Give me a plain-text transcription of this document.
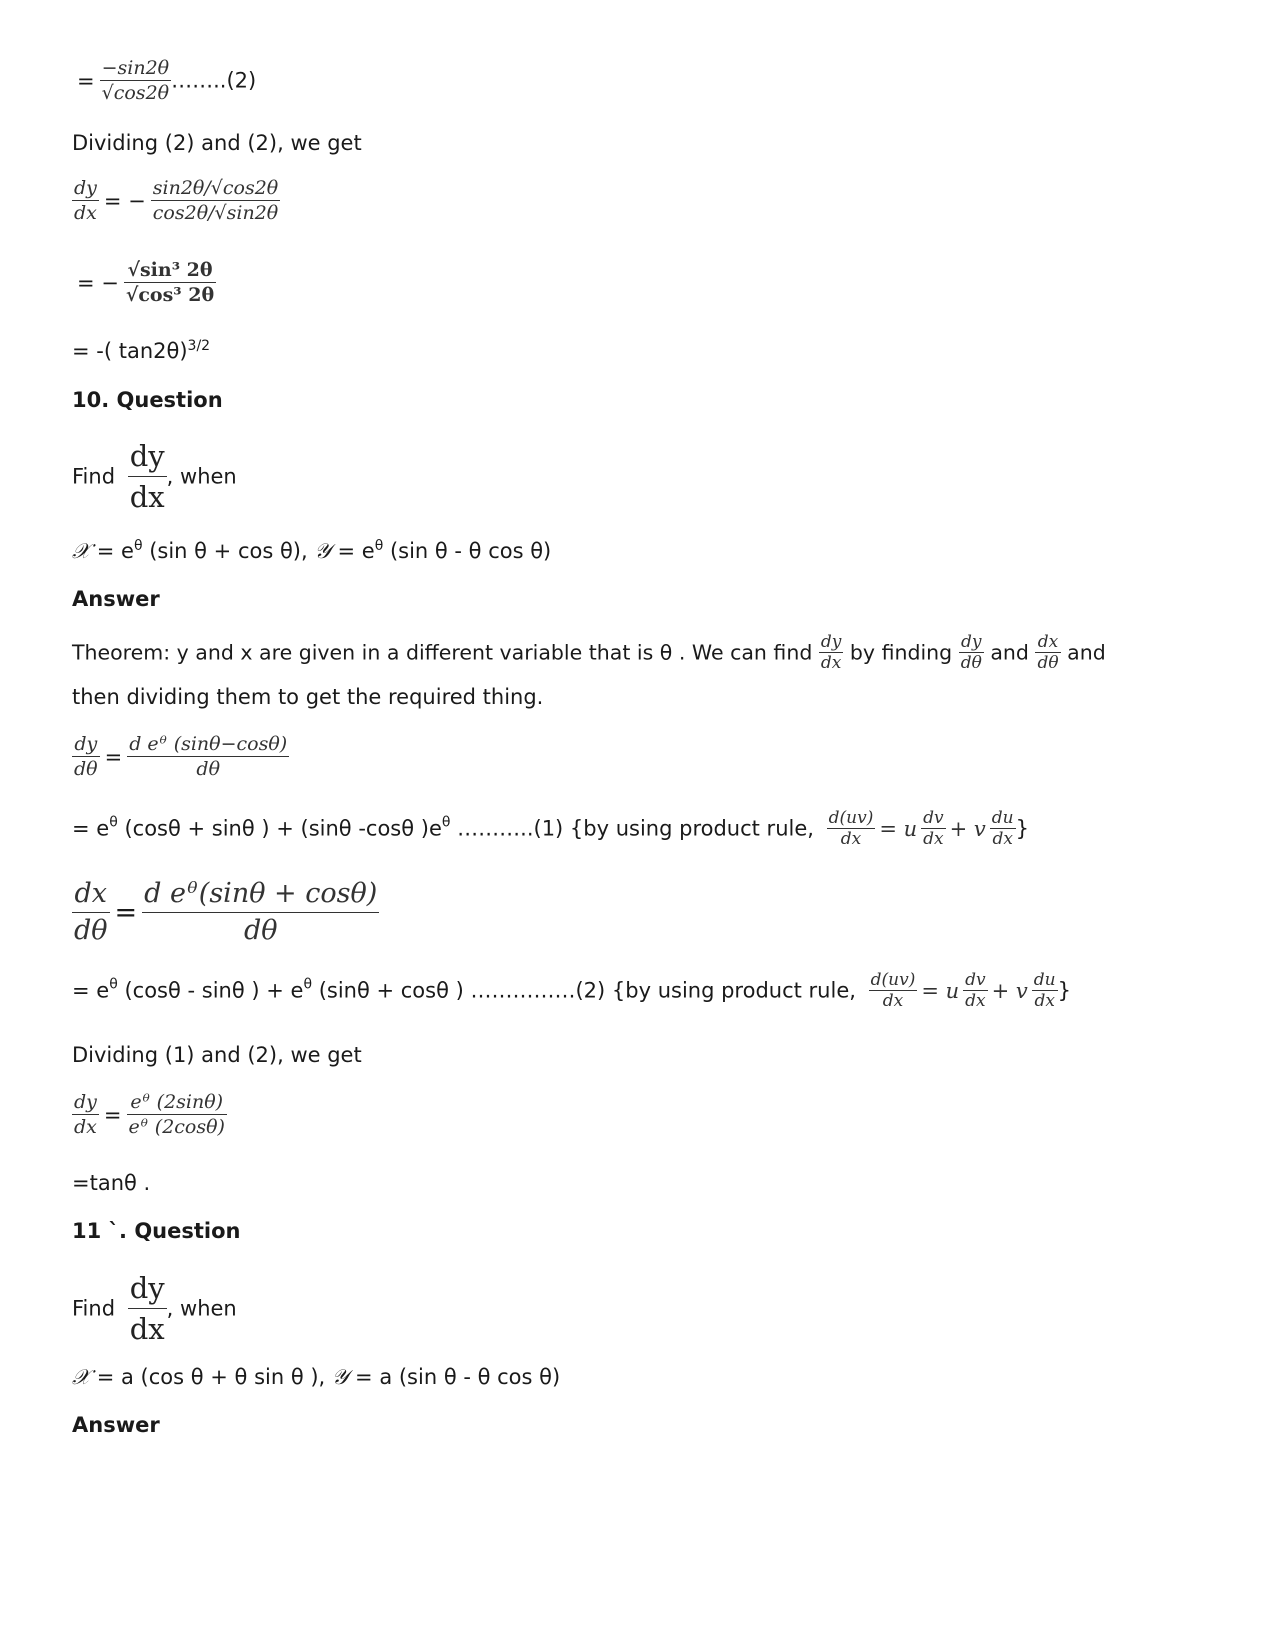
= $\frac{-\sin 2\theta}{√\cos 2\theta}$ ……..(2)
Dividing (2) and (2), we get
$\frac{dy}{dx}$ = − $\frac{\sin 2\theta/√\cos 2\theta}{\cos 2\theta/√\sin 2\theta}$
= − $\frac{\text{√sin³ 2θ}}{\text{√cos³ 2θ}}$
= -( tan2θ)$^{3/2}$
10. Question
Find $\frac{dy}{dx}$ , when
𝒳 = $e^\theta$ (sin θ + cos θ), 𝒴 = $e^\theta$ (sin θ - θ cos θ)
Answer
Theorem: y and x are given in a different variable that is θ . We can find $\frac{dy}{dx}$ by finding $\frac{dy}{d\theta}$ and $\frac{dx}{d\theta}$ and
then dividing them to get the required thing.
$\frac{dy}{d\theta} = \frac{\text{d eᶿ (sinθ−cosθ)}}{d\theta}$
= $e^\theta$ (cosθ + sinθ ) + (sinθ -cosθ )$e^\theta$ ………..(1) {by using product rule, $\frac{d(uv)}{dx} = u \frac{dv}{dx} + v \frac{du}{dx}$ }
$\frac{dx}{d\theta} = \frac{\text{d eᶿ(sinθ + cosθ)}}{d\theta}$
= $e^\theta$ (cosθ - sinθ ) + $e^\theta$ (sinθ + cosθ ) ……………(2) {by using product rule, $\frac{d(uv)}{dx} = u \frac{dv}{dx} + v \frac{du}{dx}$ }
Dividing (1) and (2), we get
$\frac{dy}{dx} = \frac{\text{eᶿ (2sinθ)}}{\text{eᶿ (2cosθ)}}$
=tanθ .
11 `. Question
Find $\frac{dy}{dx}$ , when
𝒳 = a (cos θ + θ sin θ ), 𝒴 = a (sin θ - θ cos θ)
Answer
